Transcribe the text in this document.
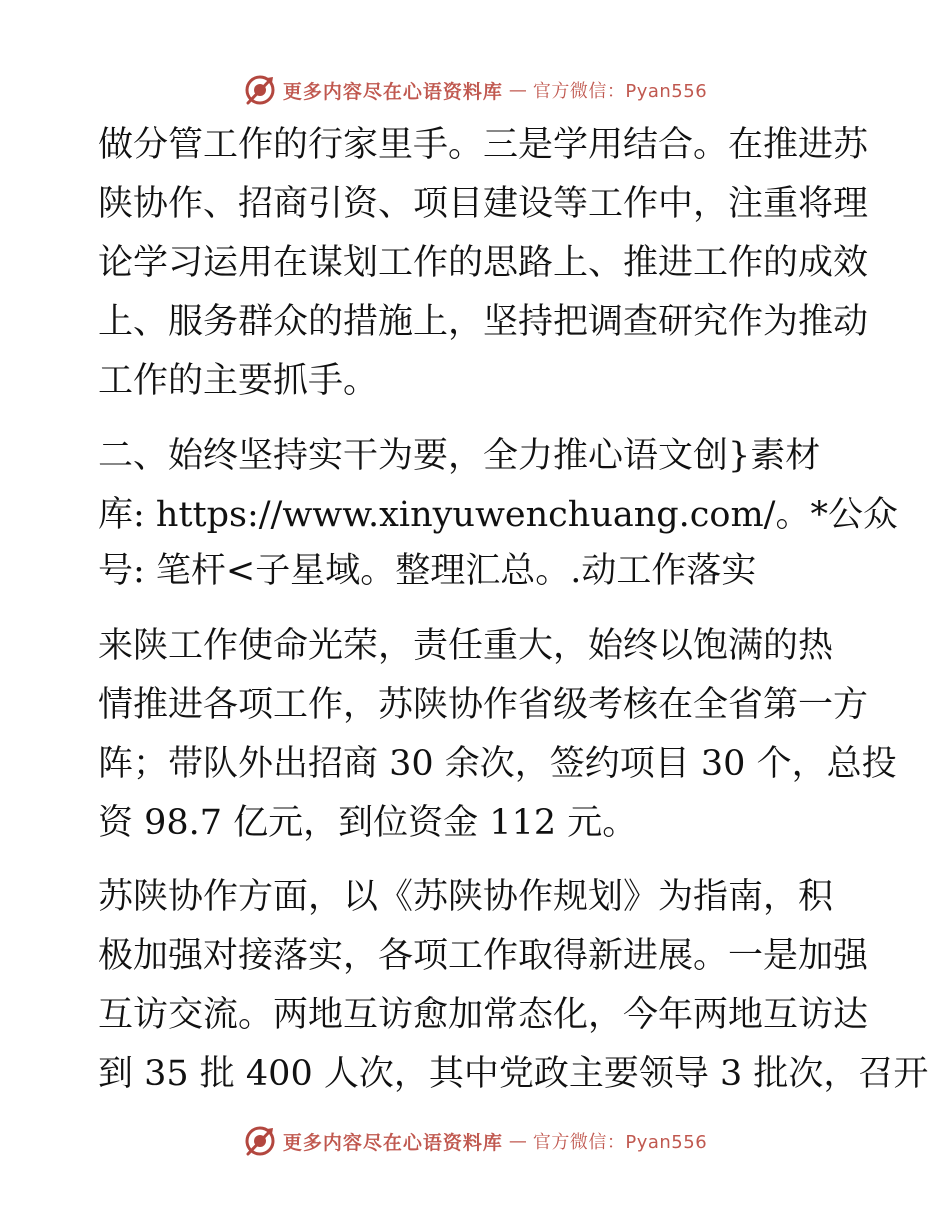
更多内容尽在心语资料库 — 官方微信：Pyan556
做分管工作的行家里手。三是学用结合。在推进苏
陕协作、招商引资、项目建设等工作中，注重将理
论学习运用在谋划工作的思路上、推进工作的成效
上、服务群众的措施上，坚持把调查研究作为推动
工作的主要抓手。
二、始终坚持实干为要，全力推心语文创}素材
库: https://www.xinyuwenchuang.com/。*公众
号: 笔杆<子星域。整理汇总。.动工作落实
来陕工作使命光荣，责任重大，始终以饱满的热
情推进各项工作，苏陕协作省级考核在全省第一方
阵；带队外出招商 30 余次，签约项目 30 个，总投
资 98.7 亿元，到位资金 112 元。
苏陕协作方面，以《苏陕协作规划》为指南，积
极加强对接落实，各项工作取得新进展。一是加强
互访交流。两地互访愈加常态化，今年两地互访达
到 35 批 400 人次，其中党政主要领导 3 批次，召开
更多内容尽在心语资料库 — 官方微信：Pyan556
